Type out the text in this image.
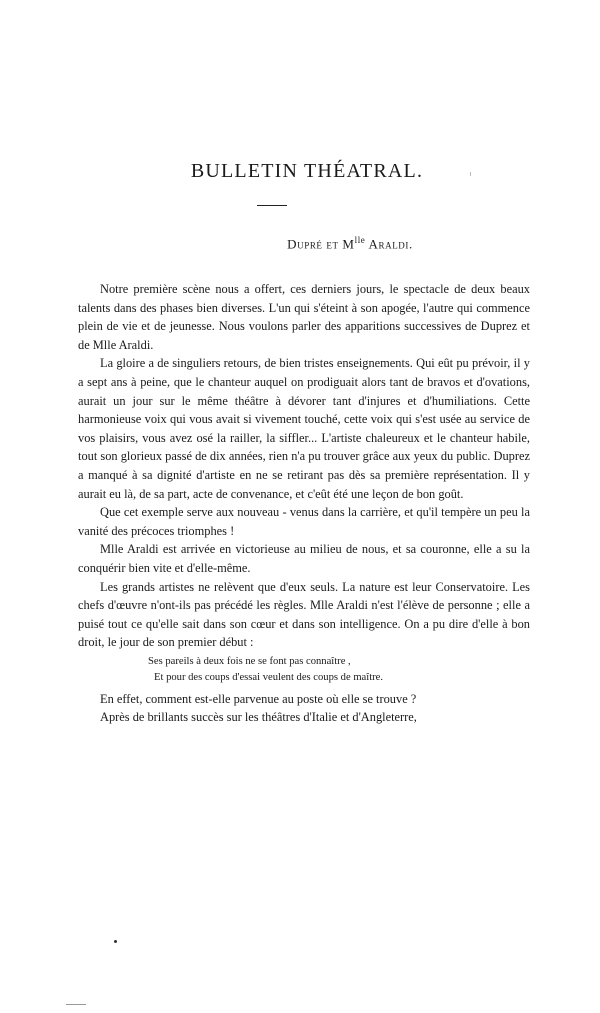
BULLETIN THÉATRAL.
Dupré et $M^{lle}$ Araldi.

Notre première scène nous a offert, ces derniers jours, le spectacle de deux beaux talents dans des phases bien diverses. L'un qui s'éteint à son apogée, l'autre qui commence plein de vie et de jeunesse. Nous voulons parler des apparitions successives de Duprez et de Mlle Araldi.

La gloire a de singuliers retours, de bien tristes enseignements. Qui eût pu prévoir, il y a sept ans à peine, que le chanteur auquel on prodiguait alors tant de bravos et d'ovations, aurait un jour sur le même théâtre à dévorer tant d'injures et d'humiliations. Cette harmonieuse voix qui vous avait si vivement touché, cette voix qui s'est usée au service de vos plaisirs, vous avez osé la railler, la siffler... L'artiste chaleureux et le chanteur habile, tout son glorieux passé de dix années, rien n'a pu trouver grâce aux yeux du public. Duprez a manqué à sa dignité d'artiste en ne se retirant pas dès sa première représentation. Il y aurait eu là, de sa part, acte de convenance, et c'eût été une leçon de bon goût.

Que cet exemple serve aux nouveau - venus dans la carrière, et qu'il tempère un peu la vanité des précoces triomphes !

Mlle Araldi est arrivée en victorieuse au milieu de nous, et sa couronne, elle a su la conquérir bien vite et d'elle-même.

Les grands artistes ne relèvent que d'eux seuls. La nature est leur Conservatoire. Les chefs d'œuvre n'ont-ils pas précédé les règles. Mlle Araldi n'est l'élève de personne ; elle a puisé tout ce qu'elle sait dans son cœur et dans son intelligence. On a pu dire d'elle à bon droit, le jour de son premier début :

Ses pareils à deux fois ne se font pas connaître ,
Et pour des coups d'essai veulent des coups de maître.

En effet, comment est-elle parvenue au poste où elle se trouve ?

Après de brillants succès sur les théâtres d'Italie et d'Angleterre,
